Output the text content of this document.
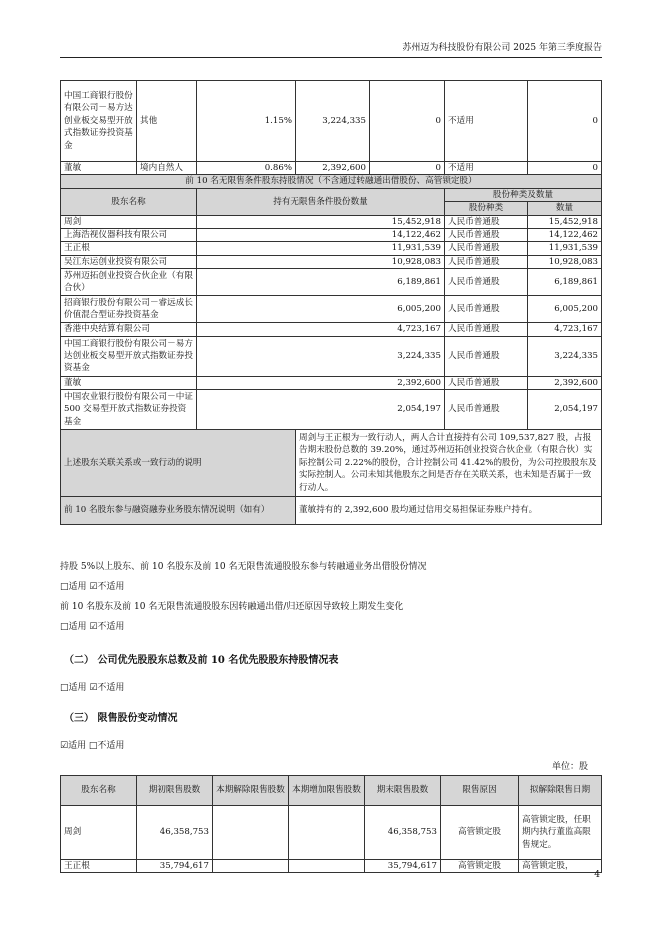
苏州迈为科技股份有限公司 2025 年第三季度报告
中国工商银行股份有限公司－易方达创业板交易型开放式指数证券投资基金	其他	1.15%	3,224,335	0	不适用	0
董敏	境内自然人	0.86%	2,392,600	0	不适用	0
前 10 名无限售条件股东持股情况（不含通过转融通出借股份、高管锁定股）						
股东名称		持有无限售条件股份数量			股份种类及数量	
					股份种类	数量
周剑		15,452,918			人民币普通股	15,452,918
上海浩视仪器科技有限公司		14,122,462			人民币普通股	14,122,462
王正根		11,931,539			人民币普通股	11,931,539
吴江东运创业投资有限公司		10,928,083			人民币普通股	10,928,083
苏州迈拓创业投资合伙企业（有限合伙）		6,189,861			人民币普通股	6,189,861
招商银行股份有限公司－睿远成长价值混合型证券投资基金		6,005,200			人民币普通股	6,005,200
香港中央结算有限公司		4,723,167			人民币普通股	4,723,167
中国工商银行股份有限公司－易方达创业板交易型开放式指数证券投资基金		3,224,335			人民币普通股	3,224,335
董敏		2,392,600			人民币普通股	2,392,600
中国农业银行股份有限公司－中证 500 交易型开放式指数证券投资基金		2,054,197			人民币普通股	2,054,197
上述股东关联关系或一致行动的说明			周剑与王正根为一致行动人，两人合计直接持有公司 109,537,827 股，占报告期末股份总数的 39.20%，通过苏州迈拓创业投资合伙企业（有限合伙）实际控制公司 2.22%的股份，合计控制公司 41.42%的股份，为公司控股股东及实际控制人。公司未知其他股东之间是否存在关联关系，也未知是否属于一致行动人。			
前 10 名股东参与融资融券业务股东情况说明（如有）			董敏持有的 2,392,600 股均通过信用交易担保证券账户持有。			
持股 5%以上股东、前 10 名股东及前 10 名无限售流通股股东参与转融通业务出借股份情况
□适用 ☑不适用
前 10 名股东及前 10 名无限售流通股股东因转融通出借/归还原因导致较上期发生变化
□适用 ☑不适用
（二） 公司优先股股东总数及前 10 名优先股股东持股情况表
□适用 ☑不适用
（三） 限售股份变动情况
☑适用 □不适用
单位：股
股东名称	期初限售股数	本期解除限售股数	本期增加限售股数	期末限售股数	限售原因	拟解除限售日期
周剑	46,358,753			46,358,753	高管锁定股	高管锁定股，任职期内执行董监高限售规定。
王正根	35,794,617			35,794,617	高管锁定股	高管锁定股，
4
